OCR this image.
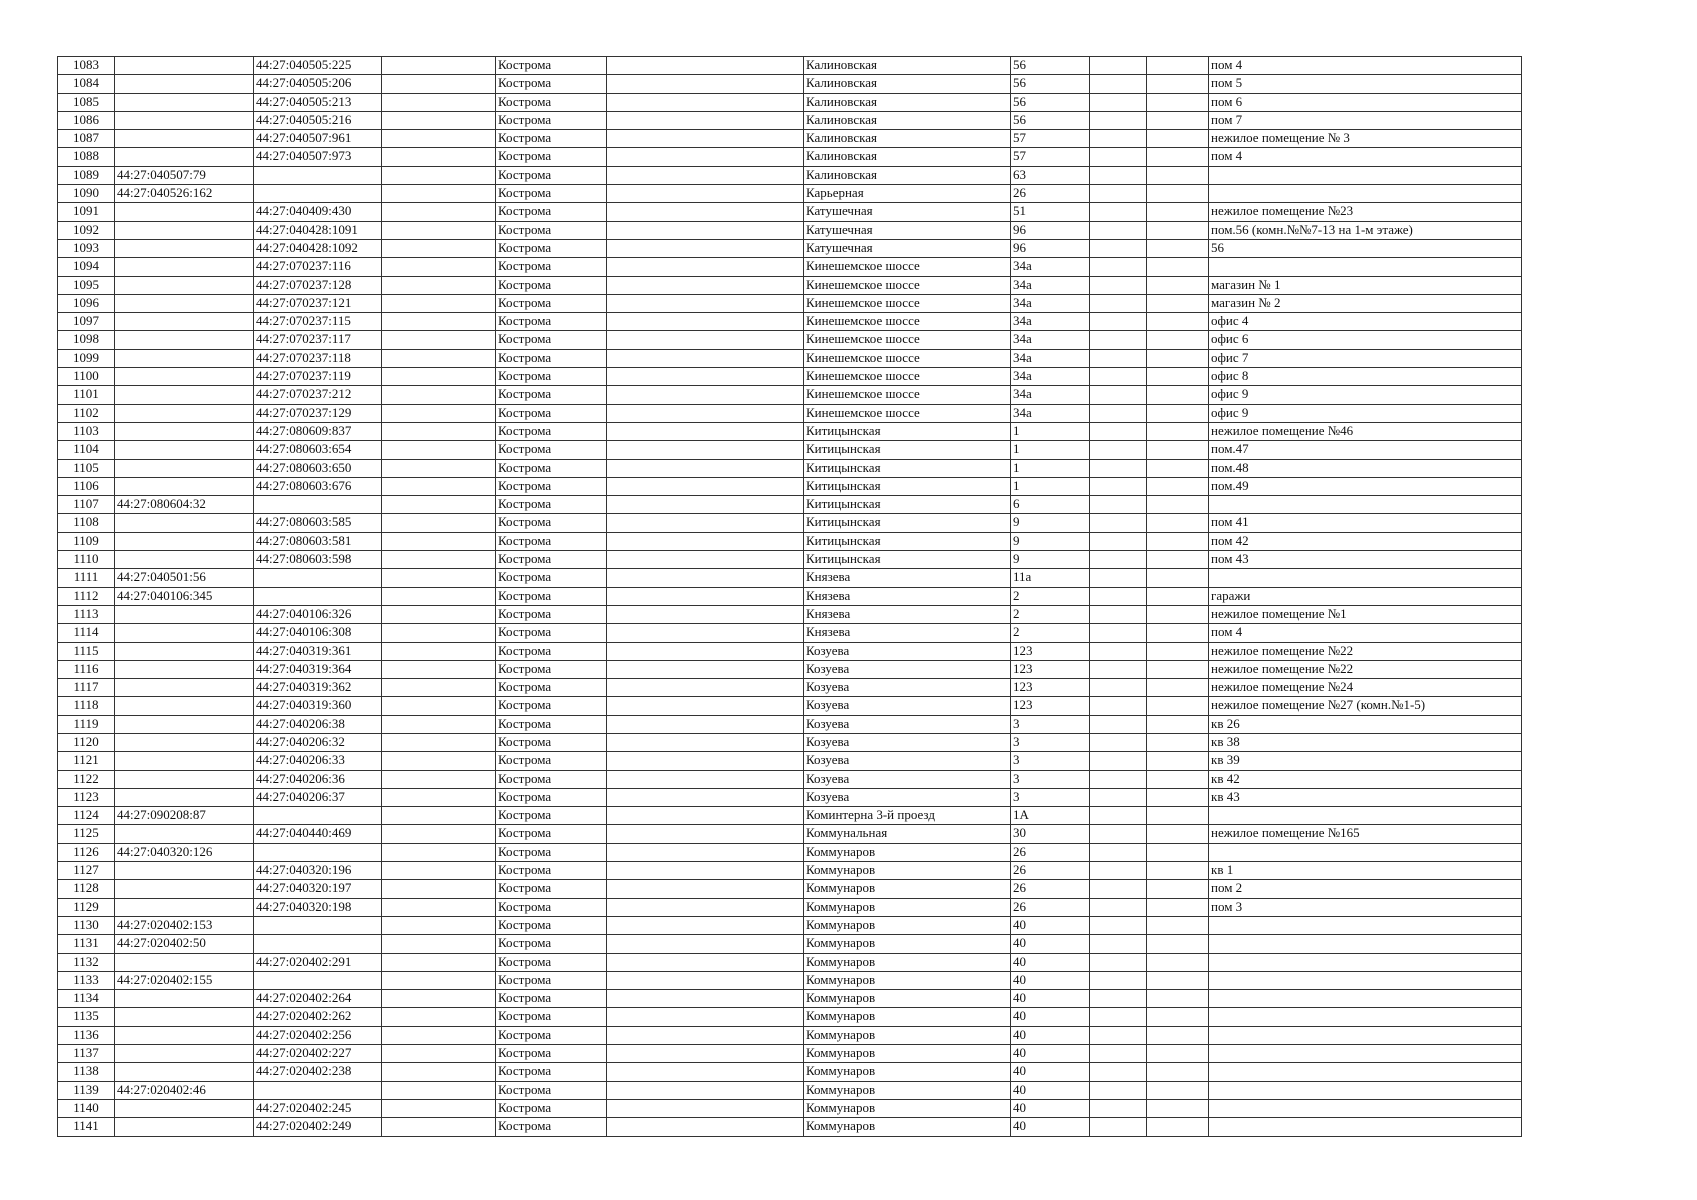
1083		44:27:040505:225		Кострома		Калиновская	56			пом 4
1084		44:27:040505:206		Кострома		Калиновская	56			пом 5
1085		44:27:040505:213		Кострома		Калиновская	56			пом 6
1086		44:27:040505:216		Кострома		Калиновская	56			пом 7
1087		44:27:040507:961		Кострома		Калиновская	57			нежилое помещение № 3
1088		44:27:040507:973		Кострома		Калиновская	57			пом 4
1089	44:27:040507:79			Кострома		Калиновская	63			
1090	44:27:040526:162			Кострома		Карьерная	26			
1091		44:27:040409:430		Кострома		Катушечная	51			нежилое помещение №23
1092		44:27:040428:1091		Кострома		Катушечная	96			пом.56 (комн.№№7-13 на 1-м этаже)
1093		44:27:040428:1092		Кострома		Катушечная	96			56
1094		44:27:070237:116		Кострома		Кинешемское шоссе	34а			
1095		44:27:070237:128		Кострома		Кинешемское шоссе	34а			магазин № 1
1096		44:27:070237:121		Кострома		Кинешемское шоссе	34а			магазин № 2
1097		44:27:070237:115		Кострома		Кинешемское шоссе	34а			офис 4
1098		44:27:070237:117		Кострома		Кинешемское шоссе	34а			офис 6
1099		44:27:070237:118		Кострома		Кинешемское шоссе	34а			офис 7
1100		44:27:070237:119		Кострома		Кинешемское шоссе	34а			офис 8
1101		44:27:070237:212		Кострома		Кинешемское шоссе	34а			офис 9
1102		44:27:070237:129		Кострома		Кинешемское шоссе	34а			офис 9
1103		44:27:080609:837		Кострома		Китицынская	1			нежилое помещение №46
1104		44:27:080603:654		Кострома		Китицынская	1			пом.47
1105		44:27:080603:650		Кострома		Китицынская	1			пом.48
1106		44:27:080603:676		Кострома		Китицынская	1			пом.49
1107	44:27:080604:32			Кострома		Китицынская	6			
1108		44:27:080603:585		Кострома		Китицынская	9			пом 41
1109		44:27:080603:581		Кострома		Китицынская	9			пом 42
1110		44:27:080603:598		Кострома		Китицынская	9			пом 43
1111	44:27:040501:56			Кострома		Князева	11а			
1112	44:27:040106:345			Кострома		Князева	2			гаражи
1113		44:27:040106:326		Кострома		Князева	2			нежилое помещение №1
1114		44:27:040106:308		Кострома		Князева	2			пом 4
1115		44:27:040319:361		Кострома		Козуева	123			нежилое помещение №22
1116		44:27:040319:364		Кострома		Козуева	123			нежилое помещение №22
1117		44:27:040319:362		Кострома		Козуева	123			нежилое помещение №24
1118		44:27:040319:360		Кострома		Козуева	123			нежилое помещение №27 (комн.№1-5)
1119		44:27:040206:38		Кострома		Козуева	3			кв 26
1120		44:27:040206:32		Кострома		Козуева	3			кв 38
1121		44:27:040206:33		Кострома		Козуева	3			кв 39
1122		44:27:040206:36		Кострома		Козуева	3			кв 42
1123		44:27:040206:37		Кострома		Козуева	3			кв 43
1124	44:27:090208:87			Кострома		Коминтерна 3-й проезд	1А			
1125		44:27:040440:469		Кострома		Коммунальная	30			нежилое помещение №165
1126	44:27:040320:126			Кострома		Коммунаров	26			
1127		44:27:040320:196		Кострома		Коммунаров	26			кв 1
1128		44:27:040320:197		Кострома		Коммунаров	26			пом 2
1129		44:27:040320:198		Кострома		Коммунаров	26			пом 3
1130	44:27:020402:153			Кострома		Коммунаров	40			
1131	44:27:020402:50			Кострома		Коммунаров	40			
1132		44:27:020402:291		Кострома		Коммунаров	40			
1133	44:27:020402:155			Кострома		Коммунаров	40			
1134		44:27:020402:264		Кострома		Коммунаров	40			
1135		44:27:020402:262		Кострома		Коммунаров	40			
1136		44:27:020402:256		Кострома		Коммунаров	40			
1137		44:27:020402:227		Кострома		Коммунаров	40			
1138		44:27:020402:238		Кострома		Коммунаров	40			
1139	44:27:020402:46			Кострома		Коммунаров	40			
1140		44:27:020402:245		Кострома		Коммунаров	40			
1141		44:27:020402:249		Кострома		Коммунаров	40			
